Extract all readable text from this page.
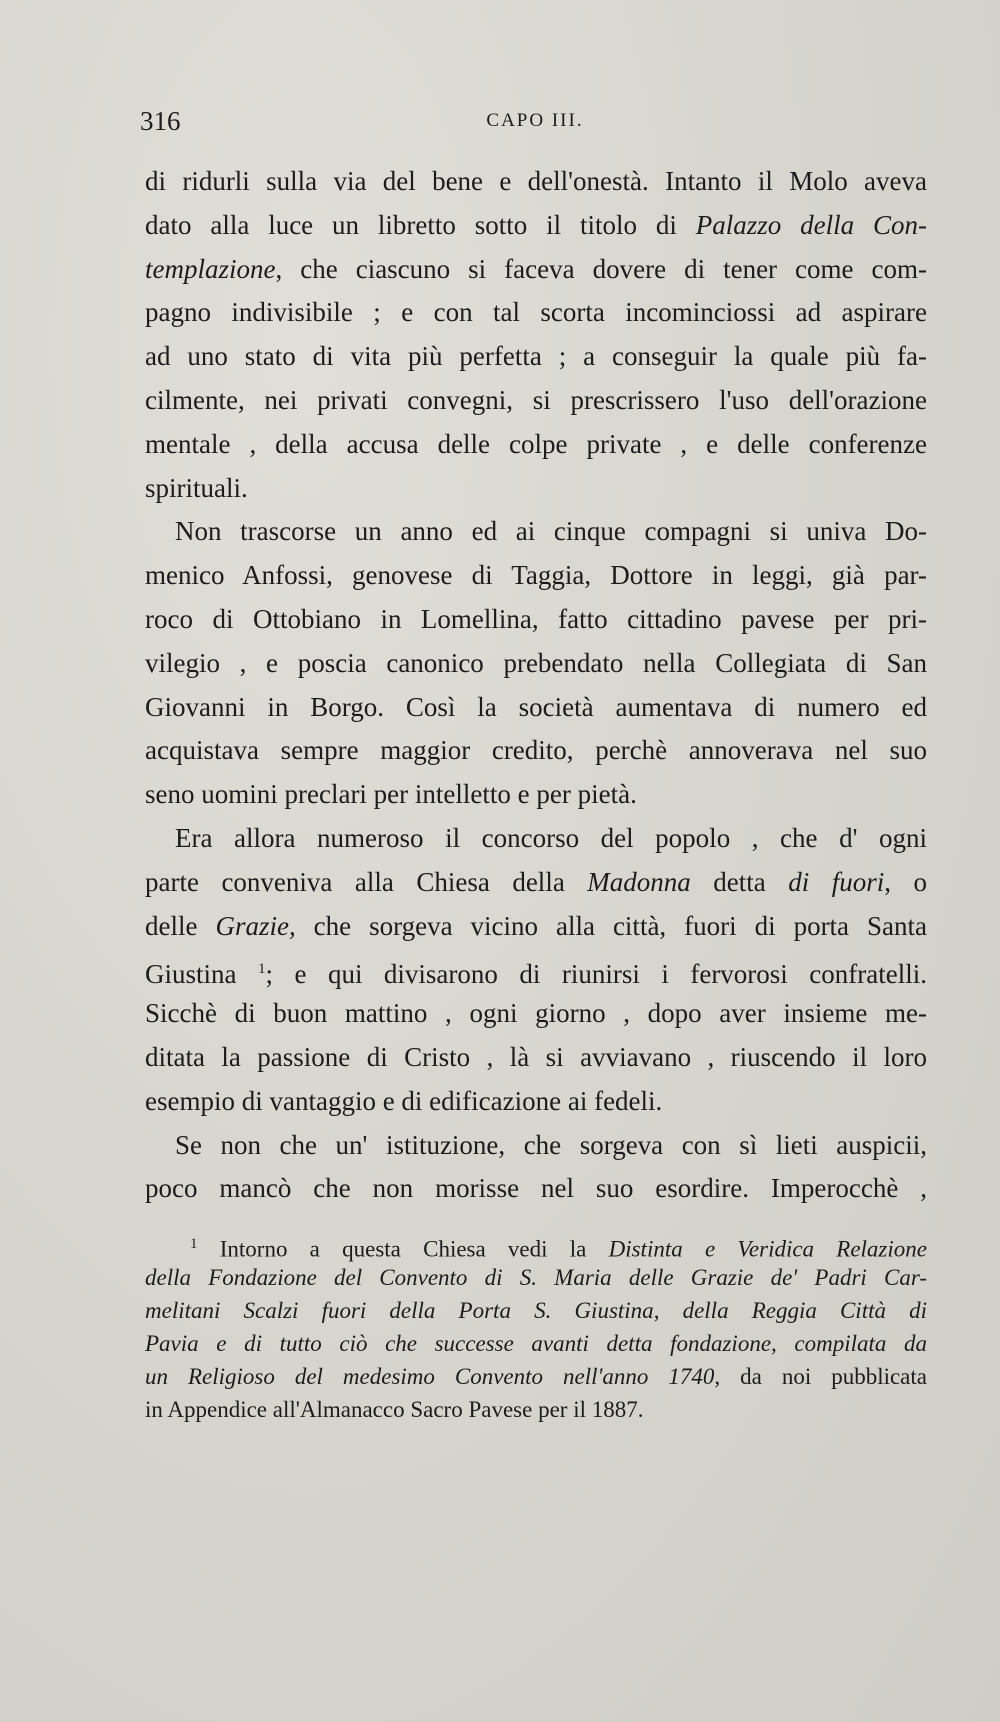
316	CAPO III.
di ridurli sulla via del bene e dell'onestà. Intanto il Molo aveva
dato alla luce un libretto sotto il titolo di Palazzo della Con-
templazione, che ciascuno si faceva dovere di tener come com-
pagno indivisibile ; e con tal scorta incominciossi ad aspirare
ad uno stato di vita più perfetta ; a conseguir la quale più fa-
cilmente, nei privati convegni, si prescrissero l'uso dell'orazione
mentale , della accusa delle colpe private , e delle conferenze
spirituali.
Non trascorse un anno ed ai cinque compagni si univa Do-
menico Anfossi, genovese di Taggia, Dottore in leggi, già par-
roco di Ottobiano in Lomellina, fatto cittadino pavese per pri-
vilegio , e poscia canonico prebendato nella Collegiata di San
Giovanni in Borgo. Così la società aumentava di numero ed
acquistava sempre maggior credito, perchè annoverava nel suo
seno uomini preclari per intelletto e per pietà.
Era allora numeroso il concorso del popolo , che d' ogni
parte conveniva alla Chiesa della Madonna detta di fuori, o
delle Grazie, che sorgeva vicino alla città, fuori di porta Santa
Giustina $^1$; e qui divisarono di riunirsi i fervorosi confratelli.
Sicchè di buon mattino , ogni giorno , dopo aver insieme me-
ditata la passione di Cristo , là si avviavano , riuscendo il loro
esempio di vantaggio e di edificazione ai fedeli.
Se non che un' istituzione, che sorgeva con sì lieti auspicii,
poco mancò che non morisse nel suo esordire. Imperocchè ,
$^1$ Intorno a questa Chiesa vedi la Distinta e Veridica Relazione
della Fondazione del Convento di S. Maria delle Grazie de' Padri Car-
melitani Scalzi fuori della Porta S. Giustina, della Reggia Città di
Pavia e di tutto ciò che successe avanti detta fondazione, compilata da
un Religioso del medesimo Convento nell'anno 1740, da noi pubblicata
in Appendice all'Almanacco Sacro Pavese per il 1887.
